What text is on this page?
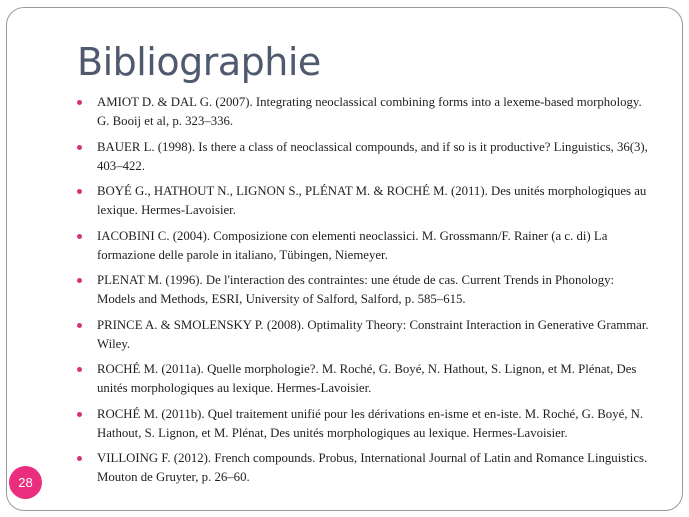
Bibliographie
AMIOT D. & DAL G. (2007). Integrating neoclassical combining forms into a lexeme-based morphology. G. Booij et al, p. 323–336.
BAUER L. (1998). Is there a class of neoclassical compounds, and if so is it productive? Linguistics, 36(3), 403–422.
BOYÉ G., HATHOUT N., LIGNON S., PLÉNAT M. & ROCHÉ M. (2011). Des unités morphologiques au lexique. Hermes-Lavoisier.
IACOBINI C. (2004). Composizione con elementi neoclassici. M. Grossmann/F. Rainer (a c. di) La formazione delle parole in italiano, Tübingen, Niemeyer.
PLENAT M. (1996). De l'interaction des contraintes: une étude de cas. Current Trends in Phonology: Models and Methods, ESRI, University of Salford, Salford, p. 585–615.
PRINCE A. & SMOLENSKY P. (2008). Optimality Theory: Constraint Interaction in Generative Grammar. Wiley.
ROCHÉ M. (2011a). Quelle morphologie?. M. Roché, G. Boyé, N. Hathout, S. Lignon, et M. Plénat, Des unités morphologiques au lexique. Hermes-Lavoisier.
ROCHÉ M. (2011b). Quel traitement unifié pour les dérivations en-isme et en-iste. M. Roché, G. Boyé, N. Hathout, S. Lignon, et M. Plénat, Des unités morphologiques au lexique. Hermes-Lavoisier.
VILLOING F. (2012). French compounds. Probus, International Journal of Latin and Romance Linguistics. Mouton de Gruyter, p. 26–60.
28
